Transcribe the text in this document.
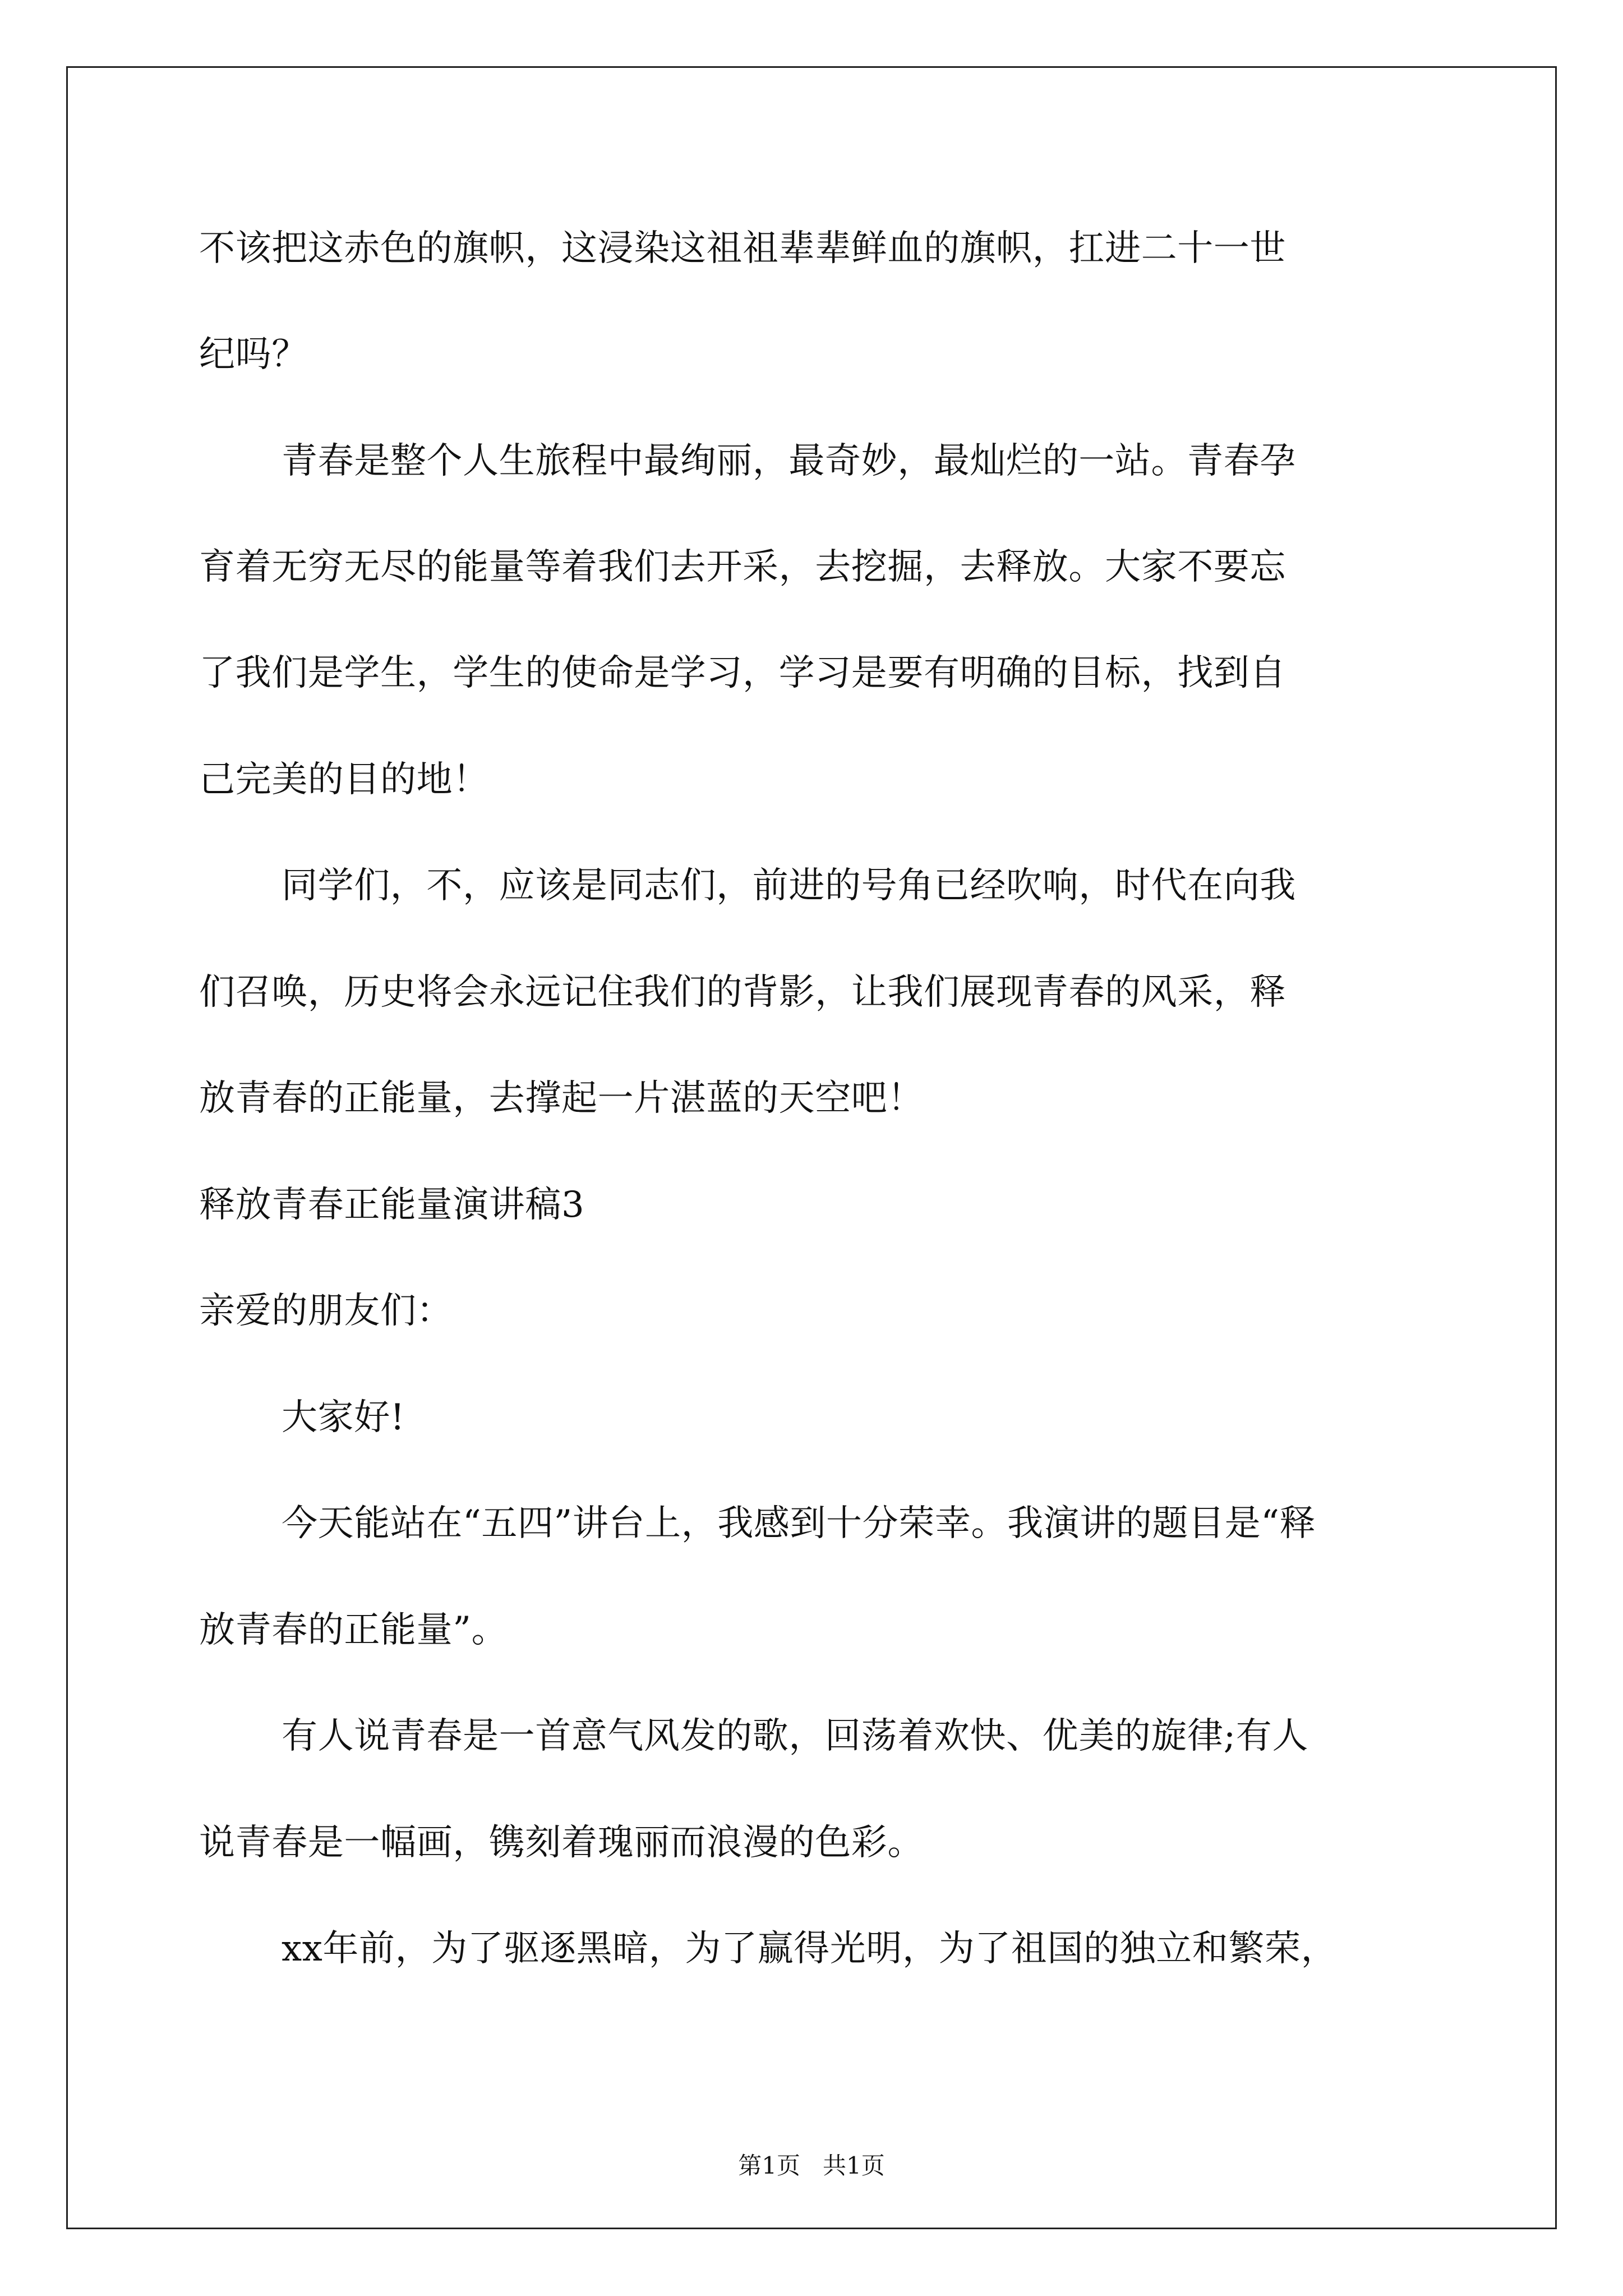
不该把这赤色的旗帜，这浸染这祖祖辈辈鲜血的旗帜，扛进二十一世
纪吗？
青春是整个人生旅程中最绚丽，最奇妙，最灿烂的一站。青春孕
育着无穷无尽的能量等着我们去开采，去挖掘，去释放。大家不要忘
了我们是学生，学生的使命是学习，学习是要有明确的目标，找到自
己完美的目的地！
同学们，不，应该是同志们，前进的号角已经吹响，时代在向我
们召唤，历史将会永远记住我们的背影，让我们展现青春的风采，释
放青春的正能量，去撑起一片湛蓝的天空吧！
释放青春正能量演讲稿3
亲爱的朋友们：
大家好!
今天能站在“五四”讲台上，我感到十分荣幸。我演讲的题目是“释
放青春的正能量”。
有人说青春是一首意气风发的歌，回荡着欢快、优美的旋律;有人
说青春是一幅画，镌刻着瑰丽而浪漫的色彩。
xx年前，为了驱逐黑暗，为了赢得光明，为了祖国的独立和繁荣，
第1页   共1页
